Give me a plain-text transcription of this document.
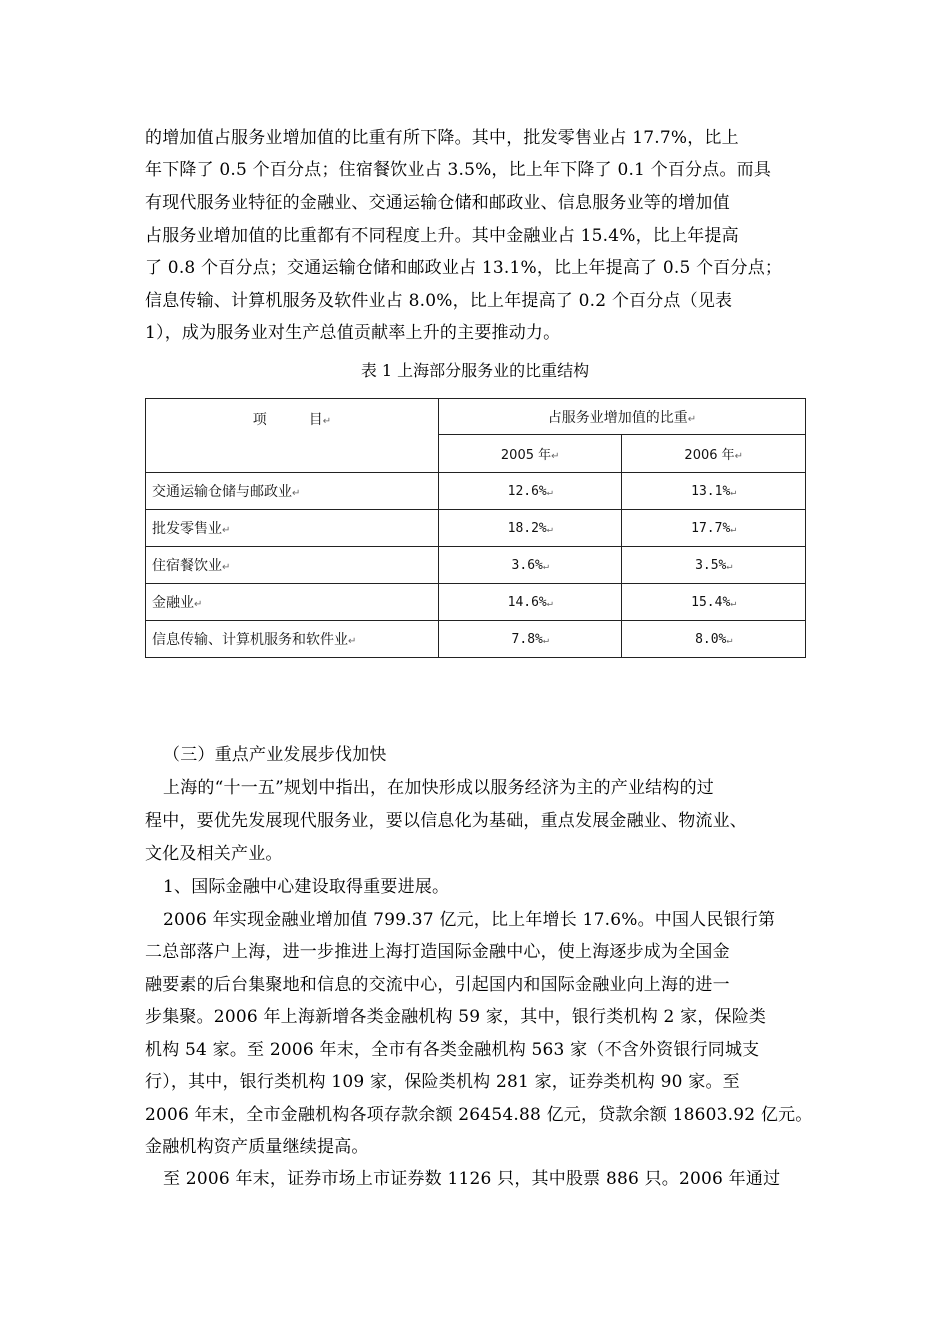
的增加值占服务业增加值的比重有所下降。其中，批发零售业占 17.7%，比上
年下降了 0.5 个百分点；住宿餐饮业占 3.5%，比上年下降了 0.1 个百分点。而具
有现代服务业特征的金融业、交通运输仓储和邮政业、信息服务业等的增加值
占服务业增加值的比重都有不同程度上升。其中金融业占 15.4%，比上年提高
了 0.8 个百分点；交通运输仓储和邮政业占 13.1%，比上年提高了 0.5 个百分点；
信息传输、计算机服务及软件业占 8.0%，比上年提高了 0.2 个百分点（见表
1），成为服务业对生产总值贡献率上升的主要推动力。
表 1 上海部分服务业的比重结构
项　　　目↵	占服务业增加值的比重↵	
	2005 年↵	2006 年↵
交通运输仓储与邮政业↵	12.6%↵	13.1%↵
批发零售业↵	18.2%↵	17.7%↵
住宿餐饮业↵	3.6%↵	3.5%↵
金融业↵	14.6%↵	15.4%↵
信息传输、计算机服务和软件业↵	7.8%↵	8.0%↵
（三）重点产业发展步伐加快
上海的“十一五”规划中指出，在加快形成以服务经济为主的产业结构的过
程中，要优先发展现代服务业，要以信息化为基础，重点发展金融业、物流业、
文化及相关产业。
1、国际金融中心建设取得重要进展。
2006 年实现金融业增加值 799.37 亿元，比上年增长 17.6%。中国人民银行第
二总部落户上海，进一步推进上海打造国际金融中心，使上海逐步成为全国金
融要素的后台集聚地和信息的交流中心，引起国内和国际金融业向上海的进一
步集聚。2006 年上海新增各类金融机构 59 家，其中，银行类机构 2 家，保险类
机构 54 家。至 2006 年末，全市有各类金融机构 563 家（不含外资银行同城支
行），其中，银行类机构 109 家，保险类机构 281 家，证券类机构 90 家。至
2006 年末，全市金融机构各项存款余额 26454.88 亿元，贷款余额 18603.92 亿元。
金融机构资产质量继续提高。
至 2006 年末，证券市场上市证券数 1126 只，其中股票 886 只。2006 年通过
